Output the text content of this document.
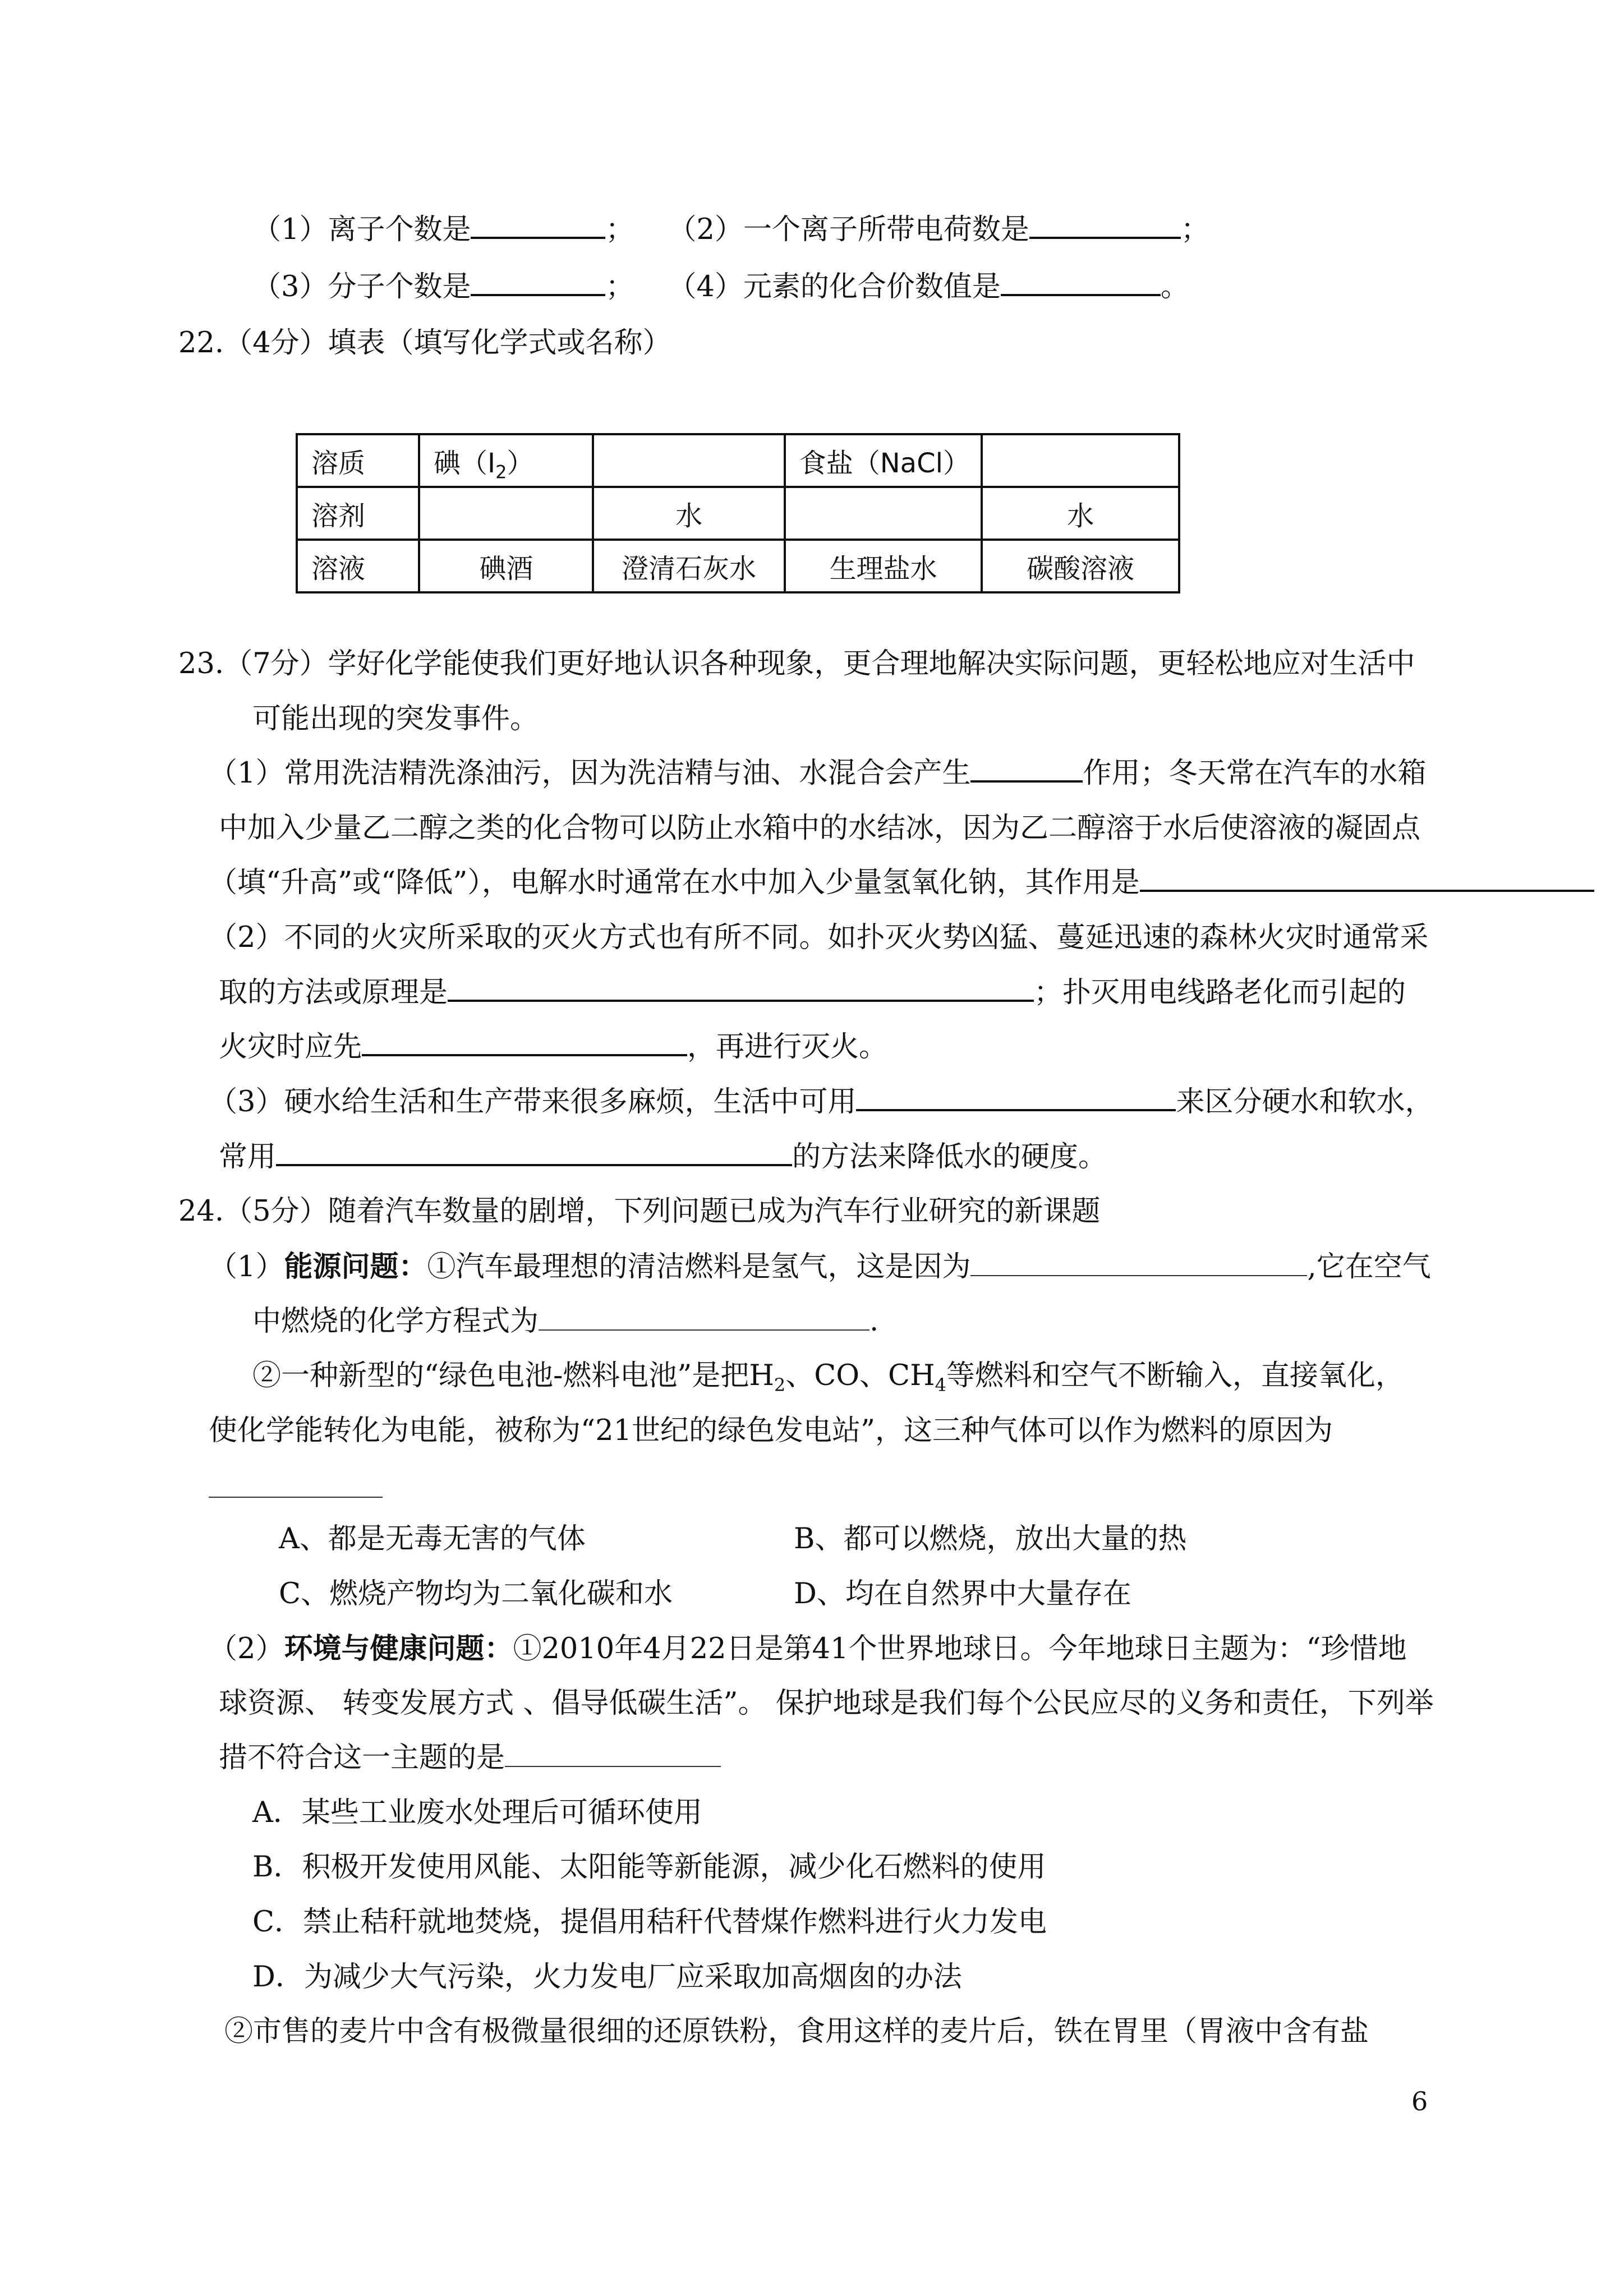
（1）离子个数是	； （2）一个离子所带电荷数是	；
（3）分子个数是	； （4）元素的化合价数值是	。
22.（4分）填表（填写化学式或名称）
溶质	碘$(I_2)$		食盐（NaCl）	
溶剂		水		水
溶液	碘酒	澄清石灰水	生理盐水	碳酸溶液
23.（7分）学好化学能使我们更好地认识各种现象，更合理地解决实际问题，更轻松地应对生活中
可能出现的突发事件。
（1）常用洗洁精洗涤油污，因为洗洁精与油、水混合会产生	作用；冬天常在汽车的水箱
中加入少量乙二醇之类的化合物可以防止水箱中的水结冰，因为乙二醇溶于水后使溶液的凝固点
（填“升高”或“降低”），电解水时通常在水中加入少量氢氧化钠，其作用是
（2）不同的火灾所采取的灭火方式也有所不同。如扑灭火势凶猛、蔓延迅速的森林火灾时通常采
取的方法或原理是	；扑灭用电线路老化而引起的
火灾时应先	，再进行灭火。
（3）硬水给生活和生产带来很多麻烦，生活中可用	来区分硬水和软水，
常用	的方法来降低水的硬度。
24.（5分）随着汽车数量的剧增，下列问题已成为汽车行业研究的新课题
（1）能源问题：①汽车最理想的清洁燃料是氢气，这是因为	,它在空气
中燃烧的化学方程式为	.
②一种新型的“绿色电池-燃料电池”是把$H_2$、CO、$CH_4$等燃料和空气不断输入，直接氧化，
使化学能转化为电能，被称为“21世纪的绿色发电站”，这三种气体可以作为燃料的原因为
A、都是无毒无害的气体	B、都可以燃烧，放出大量的热
C、燃烧产物均为二氧化碳和水	D、均在自然界中大量存在
（2）环境与健康问题：①2010年4月22日是第41个世界地球日。今年地球日主题为：“珍惜地
球资源、 转变发展方式 、倡导低碳生活”。 保护地球是我们每个公民应尽的义务和责任，下列举
措不符合这一主题的是
A．某些工业废水处理后可循环使用
B．积极开发使用风能、太阳能等新能源，减少化石燃料的使用
C．禁止秸秆就地焚烧，提倡用秸秆代替煤作燃料进行火力发电
D．为减少大气污染，火力发电厂应采取加高烟囱的办法
②市售的麦片中含有极微量很细的还原铁粉，食用这样的麦片后，铁在胃里（胃液中含有盐
6
